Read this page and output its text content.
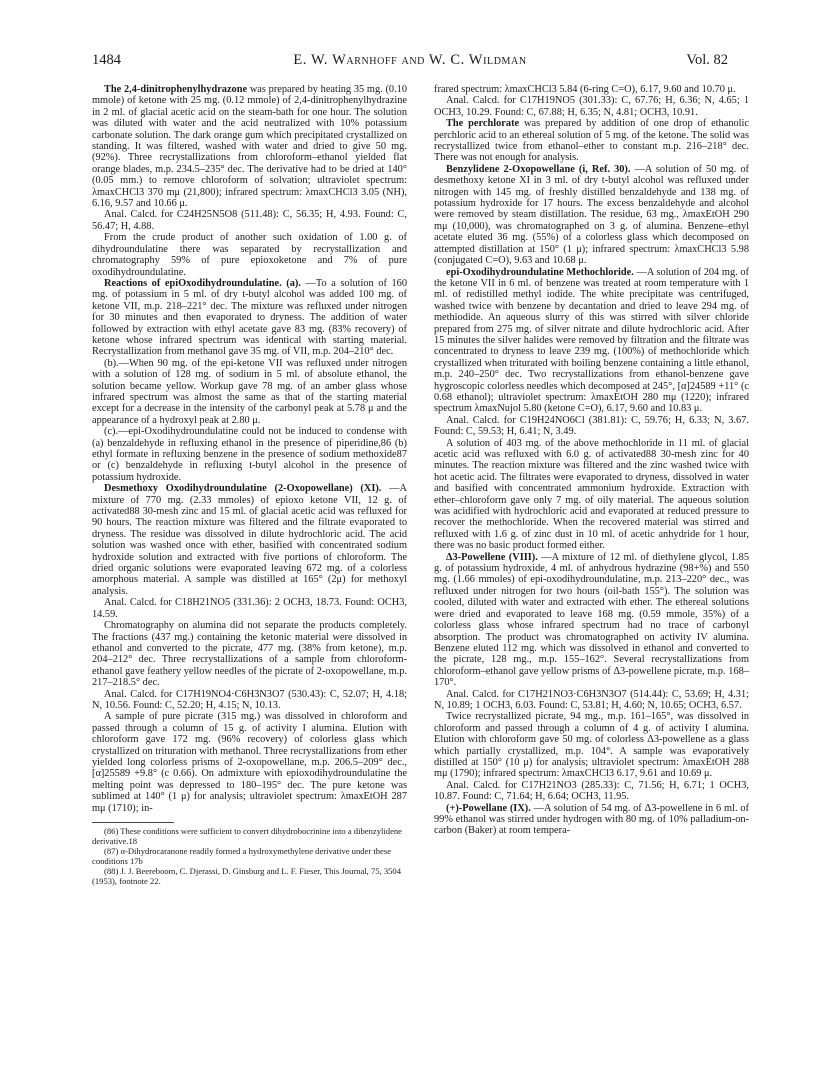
1484	E. W. Warnhoff and W. C. Wildman	Vol. 82

The 2,4-dinitrophenylhydrazone was prepared by heating 35 mg. (0.10 mmole) of ketone with 25 mg. (0.12 mmole) of 2,4-dinitrophenylhydrazine in 2 ml. of glacial acetic acid on the steam-bath for one hour. The solution was diluted with water and the acid neutralized with 10% potassium carbonate solution. The dark orange gum which precipitated crystallized on standing. It was filtered, washed with water and dried to give 50 mg. (92%). Three recrystallizations from chloroform–ethanol yielded flat orange blades, m.p. 234.5–235° dec. The derivative had to be dried at 140° (0.05 mm.) to remove chloroform of solvation; ultraviolet spectrum: λmaxCHCl3 370 mμ (21,800); infrared spectrum: λmaxCHCl3 3.05 (NH), 6.16, 9.57 and 10.66 μ.

Anal. Calcd. for C24H25N5O8 (511.48): C, 56.35; H, 4.93. Found: C, 56.47; H, 4.88.

From the crude product of another such oxidation of 1.00 g. of dihydroundulatine there was separated by recrystallization and chromatography 59% of pure epioxoketone and 7% of pure oxodihydroundulatine.

Reactions of epiOxodihydroundulatine. (a). —To a solution of 160 mg. of potassium in 5 ml. of dry t-butyl alcohol was added 100 mg. of ketone VII, m.p. 218–221° dec. The mixture was refluxed under nitrogen for 30 minutes and then evaporated to dryness. The addition of water followed by extraction with ethyl acetate gave 83 mg. (83% recovery) of ketone whose infrared spectrum was identical with starting material. Recrystallization from methanol gave 35 mg. of VII, m.p. 204–210° dec.

(b).—When 90 mg. of the epi-ketone VII was refluxed under nitrogen with a solution of 128 mg. of sodium in 5 ml. of absolute ethanol, the solution became yellow. Workup gave 78 mg. of an amber glass whose infrared spectrum was almost the same as that of the starting material except for a decrease in the intensity of the carbonyl peak at 5.78 μ and the appearance of a hydroxyl peak at 2.80 μ.

(c).—epi-Oxodihydroundulatine could not be induced to condense with (a) benzaldehyde in refluxing ethanol in the presence of piperidine,86 (b) ethyl formate in refluxing benzene in the presence of sodium methoxide87 or (c) benzaldehyde in refluxing t-butyl alcohol in the presence of potassium hydroxide.

Desmethoxy Oxodihydroundulatine (2-Oxopowellane) (XI). —A mixture of 770 mg. (2.33 mmoles) of epioxo ketone VII, 12 g. of activated88 30-mesh zinc and 15 ml. of glacial acetic acid was refluxed for 90 hours. The reaction mixture was filtered and the filtrate evaporated to dryness. The residue was dissolved in dilute hydrochloric acid. The acid solution was washed once with ether, basified with concentrated sodium hydroxide solution and extracted with five portions of chloroform. The dried organic solutions were evaporated leaving 672 mg. of a colorless amorphous material. A sample was distilled at 165° (2μ) for methoxyl analysis.

Anal. Calcd. for C18H21NO5 (331.36): 2 OCH3, 18.73. Found: OCH3, 14.59.

Chromatography on alumina did not separate the products completely. The fractions (437 mg.) containing the ketonic material were dissolved in ethanol and converted to the picrate, 477 mg. (38% from ketone), m.p. 204–212° dec. Three recrystallizations of a sample from chloroform-ethanol gave feathery yellow needles of the picrate of 2-oxopowellane, m.p. 217–218.5° dec.

Anal. Calcd. for C17H19NO4·C6H3N3O7 (530.43): C, 52.07; H, 4.18; N, 10.56. Found: C, 52.20; H, 4.15; N, 10.13.

A sample of pure picrate (315 mg.) was dissolved in chloroform and passed through a column of 15 g. of activity I alumina. Elution with chloroform gave 172 mg. (96% recovery) of colorless glass which crystallized on trituration with methanol. Three recrystallizations from ether yielded long colorless prisms of 2-oxopowellane, m.p. 206.5–209° dec., [α]25589 +9.8° (c 0.66). On admixture with epioxodihydroundulatine the melting point was depressed to 180–195° dec. The pure ketone was sublimed at 140° (1 μ) for analysis; ultraviolet spectrum: λmaxEtOH 287 mμ (1710); in-

(86) These conditions were sufficient to convert dihydrobocrinine into a dibenzylidene derivative.18

(87) α-Dihydrocaranone readily formed a hydroxymethylene derivative under these conditions 17b

(88) J. J. Beereboom, C. Djerassi, D. Ginsburg and L. F. Fieser, This Journal, 75, 3504 (1953), footnote 22.

frared spectrum: λmaxCHCl3 5.84 (6-ring C=O), 6.17, 9.60 and 10.70 μ.

Anal. Calcd. for C17H19NO5 (301.33): C, 67.76; H, 6.36; N, 4.65; 1 OCH3, 10.29. Found: C, 67.88; H, 6.35; N, 4.81; OCH3, 10.91.

The perchlorate was prepared by addition of one drop of ethanolic perchloric acid to an ethereal solution of 5 mg. of the ketone. The solid was recrystallized twice from ethanol–ether to constant m.p. 216–218° dec. There was not enough for analysis.

Benzylidene 2-Oxopowellane (i, Ref. 30). —A solution of 50 mg. of desmethoxy ketone XI in 3 ml. of dry t-butyl alcohol was refluxed under nitrogen with 145 mg. of freshly distilled benzaldehyde and 138 mg. of potassium hydroxide for 17 hours. The excess benzaldehyde and alcohol were removed by steam distillation. The residue, 63 mg., λmaxEtOH 290 mμ (10,000), was chromatographed on 3 g. of alumina. Benzene–ethyl acetate eluted 36 mg. (55%) of a colorless glass which decomposed on attempted distillation at 150° (1 μ); infrared spectrum: λmaxCHCl3 5.98 (conjugated C=O), 9.63 and 10.68 μ.

epi-Oxodihydroundulatine Methochloride. —A solution of 204 mg. of the ketone VII in 6 ml. of benzene was treated at room temperature with 1 ml. of redistilled methyl iodide. The white precipitate was centrifuged, washed twice with benzene by decantation and dried to leave 294 mg. of methiodide. An aqueous slurry of this was stirred with silver chloride prepared from 275 mg. of silver nitrate and dilute hydrochloric acid. After 15 minutes the silver halides were removed by filtration and the filtrate was concentrated to dryness to leave 239 mg. (100%) of methochloride which crystallized when triturated with boiling benzene containing a little ethanol, m.p. 240–250° dec. Two recrystallizations from ethanol-benzene gave hygroscopic colorless needles which decomposed at 245°, [α]24589 +11° (c 0.68 ethanol); ultraviolet spectrum: λmaxEtOH 280 mμ (1220); infrared spectrum λmaxNujol 5.80 (ketone C=O), 6.17, 9.60 and 10.83 μ.

Anal. Calcd. for C19H24NO6Cl (381.81): C, 59.76; H, 6.33; N, 3.67. Found: C, 59.53; H, 6.41; N, 3.49.

A solution of 403 mg. of the above methochloride in 11 ml. of glacial acetic acid was refluxed with 6.0 g. of activated88 30-mesh zinc for 40 minutes. The reaction mixture was filtered and the zinc washed twice with hot acetic acid. The filtrates were evaporated to dryness, dissolved in water and basified with concentrated ammonium hydroxide. Extraction with ether–chloroform gave only 7 mg. of oily material. The aqueous solution was acidified with hydrochloric acid and evaporated at reduced pressure to recover the methochloride. When the recovered material was stirred and refluxed with 1.6 g. of zinc dust in 10 ml. of acetic anhydride for 1 hour, there was no basic product formed either.

Δ3-Powellene (VIII). —A mixture of 12 ml. of diethylene glycol, 1.85 g. of potassium hydroxide, 4 ml. of anhydrous hydrazine (98+%) and 550 mg. (1.66 mmoles) of epi-oxodihydroundulatine, m.p. 213–220° dec., was refluxed under nitrogen for two hours (oil-bath 155°). The solution was cooled, diluted with water and extracted with ether. The ethereal solutions were dried and evaporated to leave 168 mg. (0.59 mmole, 35%) of a colorless glass whose infrared spectrum had no trace of carbonyl absorption. The product was chromatographed on activity IV alumina. Benzene eluted 112 mg. which was dissolved in ethanol and converted to the picrate, 128 mg., m.p. 155–162°. Several recrystallizations from chloroform–ethanol gave yellow prisms of Δ3-powellene picrate, m.p. 168–170°.

Anal. Calcd. for C17H21NO3·C6H3N3O7 (514.44): C, 53.69; H, 4.31; N, 10.89; 1 OCH3, 6.03. Found: C, 53.81; H, 4.60; N, 10.65; OCH3, 6.57.

Twice recrystallized picrate, 94 mg., m.p. 161–165°, was dissolved in chloroform and passed through a column of 4 g. of activity I alumina. Elution with chloroform gave 50 mg. of colorless Δ3-powellene as a glass which partially crystallized, m.p. 104°. A sample was evaporatively distilled at 150° (10 μ) for analysis; ultraviolet spectrum: λmaxEtOH 288 mμ (1790); infrared spectrum: λmaxCHCl3 6.17, 9.61 and 10.69 μ.

Anal. Calcd. for C17H21NO3 (285.33): C, 71.56; H, 6.71; 1 OCH3, 10.87. Found: C, 71.64; H, 6.64; OCH3, 11.95.

(+)-Powellane (IX). —A solution of 54 mg. of Δ3-powellene in 6 ml. of 99% ethanol was stirred under hydrogen with 80 mg. of 10% palladium-on-carbon (Baker) at room tempera-
